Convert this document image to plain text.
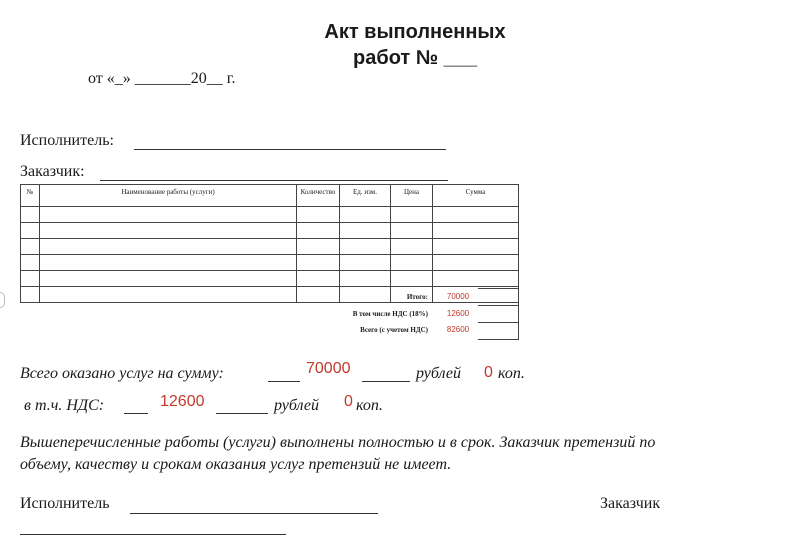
Акт выполненных
работ № ___
от «_» _______20__ г.
Исполнитель:
Заказчик:
№	Наименование работы (услуги)	Количество	Ед. изм.	Цена	Сумма

Итого:	70000
В том числе НДС (18%)	12600
Всего (с учетом НДС)	82600
Всего оказано услуг на сумму:	70000	рублей 0 коп.
в т.ч. НДС:	12600	рублей 0 коп.
Вышеперечисленные работы (услуги) выполнены полностью и в срок. Заказчик претензий по
объему, качеству и срокам оказания услуг претензий не имеет.
Исполнитель	Заказчик
